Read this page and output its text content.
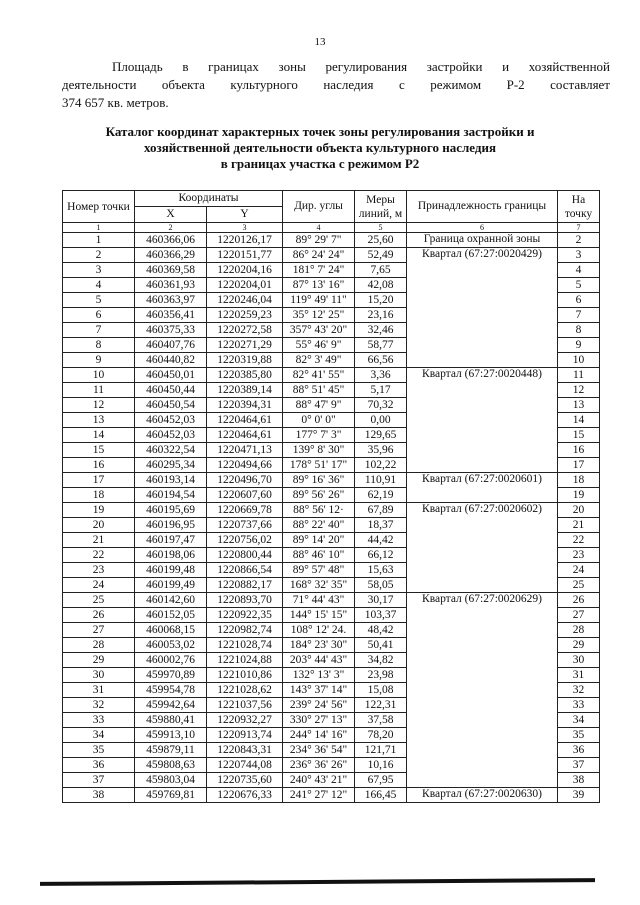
13
Площадь в границах зоны регулирования застройки и хозяйственной
деятельности объекта культурного наследия с режимом Р-2 составляет
374 657 кв. метров.
Каталог координат характерных точек зоны регулирования застройки и
хозяйственной деятельности объекта культурного наследия
в границах участка с режимом Р2
Номер точки	Координаты		Дир. углы	Меры линий, м	Принадлежность границы	На точку
	X	Y				
1	2	3	4	5	6	7
1	460366,06	1220126,17	89° 29' 7"	25,60	Граница охранной зоны	2
2	460366,29	1220151,77	86° 24' 24"	52,49	Квартал (67:27:0020429)	3
3	460369,58	1220204,16	181° 7' 24"	7,65		4
4	460361,93	1220204,01	87° 13' 16"	42,08		5
5	460363,97	1220246,04	119° 49' 11"	15,20		6
6	460356,41	1220259,23	35° 12' 25"	23,16		7
7	460375,33	1220272,58	357° 43' 20"	32,46		8
8	460407,76	1220271,29	55° 46' 9"	58,77		9
9	460440,82	1220319,88	82° 3' 49"	66,56		10
10	460450,01	1220385,80	82° 41' 55"	3,36	Квартал (67:27:0020448)	11
11	460450,44	1220389,14	88° 51' 45"	5,17		12
12	460450,54	1220394,31	88° 47' 9"	70,32		13
13	460452,03	1220464,61	0° 0' 0"	0,00		14
14	460452,03	1220464,61	177° 7' 3"	129,65		15
15	460322,54	1220471,13	139° 8' 30"	35,96		16
16	460295,34	1220494,66	178° 51' 17"	102,22		17
17	460193,14	1220496,70	89° 16' 36"	110,91	Квартал (67:27:0020601)	18
18	460194,54	1220607,60	89° 56' 26"	62,19		19
19	460195,69	1220669,78	88° 56' 12·	67,89	Квартал (67:27:0020602)	20
20	460196,95	1220737,66	88° 22' 40"	18,37		21
21	460197,47	1220756,02	89° 14' 20"	44,42		22
22	460198,06	1220800,44	88° 46' 10"	66,12		23
23	460199,48	1220866,54	89° 57' 48"	15,63		24
24	460199,49	1220882,17	168° 32' 35"	58,05		25
25	460142,60	1220893,70	71° 44' 43"	30,17	Квартал (67:27:0020629)	26
26	460152,05	1220922,35	144° 15' 15"	103,37		27
27	460068,15	1220982,74	108° 12' 24.	48,42		28
28	460053,02	1221028,74	184° 23' 30"	50,41		29
29	460002,76	1221024,88	203° 44' 43"	34,82		30
30	459970,89	1221010,86	132° 13' 3"	23,98		31
31	459954,78	1221028,62	143° 37' 14"	15,08		32
32	459942,64	1221037,56	239° 24' 56"	122,31		33
33	459880,41	1220932,27	330° 27' 13"	37,58		34
34	459913,10	1220913,74	244° 14' 16"	78,20		35
35	459879,11	1220843,31	234° 36' 54"	121,71		36
36	459808,63	1220744,08	236° 36' 26"	10,16		37
37	459803,04	1220735,60	240° 43' 21"	67,95		38
38	459769,81	1220676,33	241° 27' 12"	166,45	Квартал (67:27:0020630)	39
